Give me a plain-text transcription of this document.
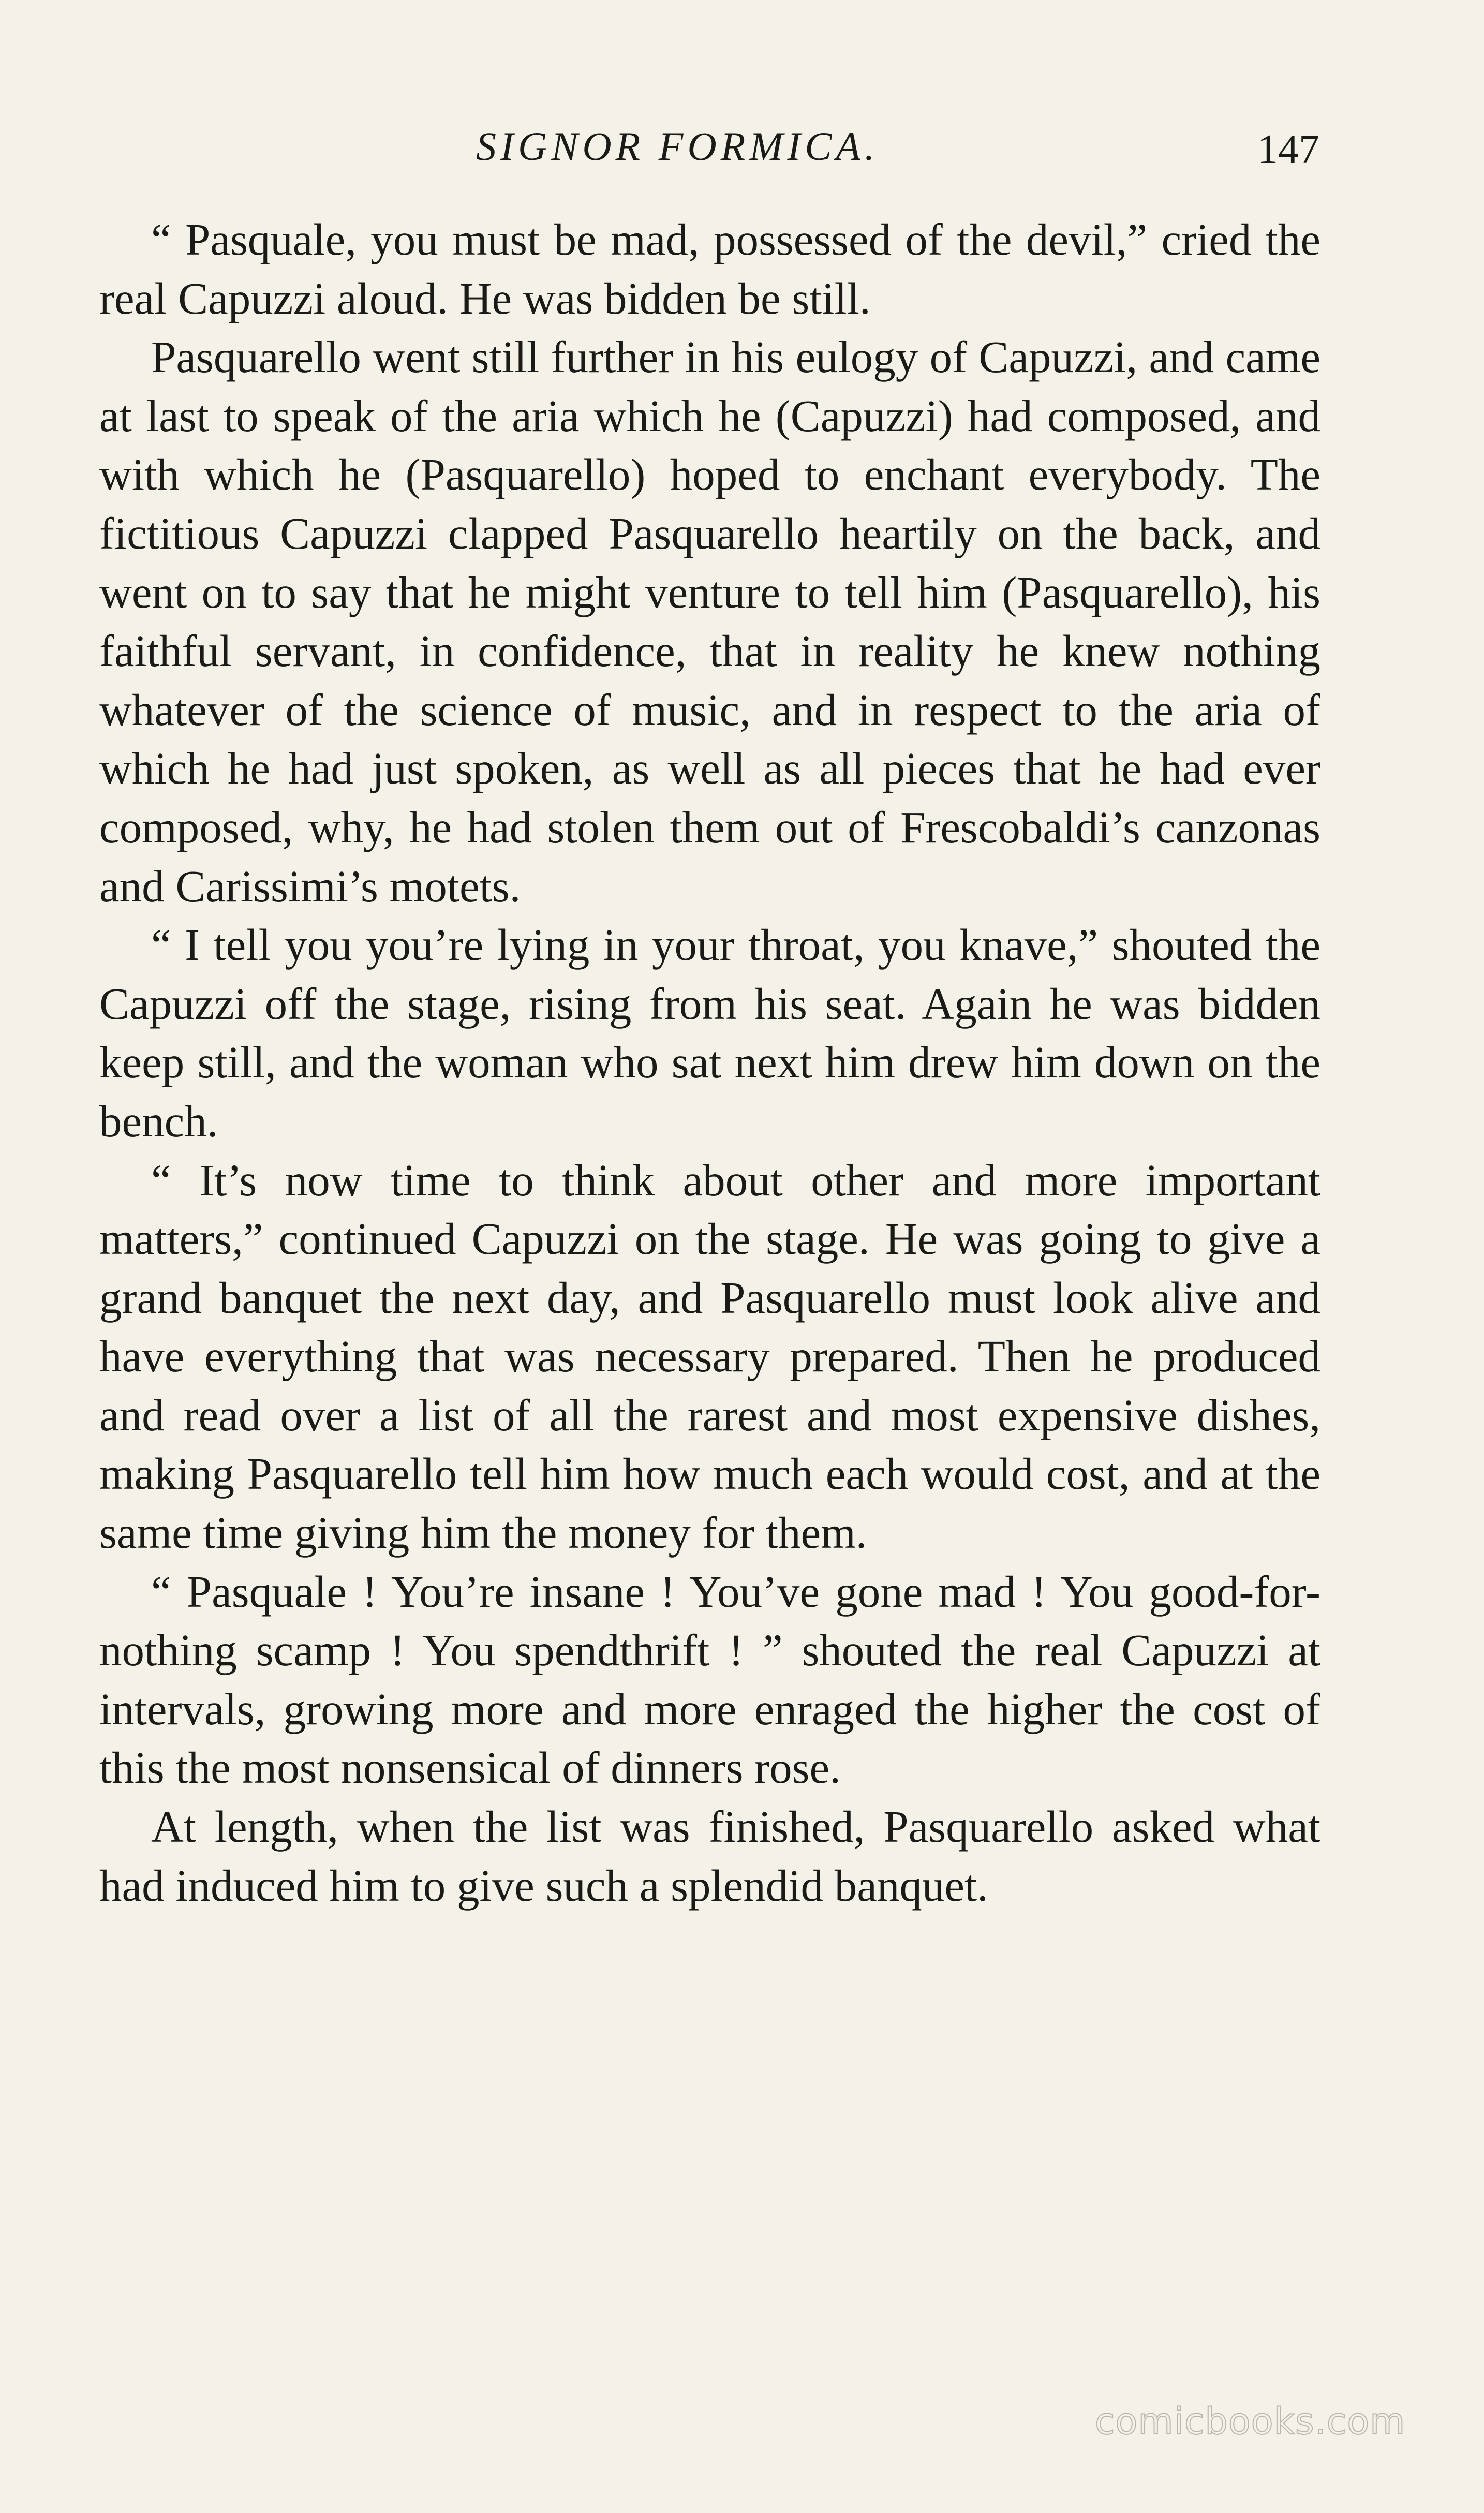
SIGNOR FORMICA.	147

“ Pasquale, you must be mad, possessed of the devil,” cried the real Capuzzi aloud. He was bidden be still.

Pasquarello went still further in his eulogy of Capuzzi, and came at last to speak of the aria which he (Capuzzi) had composed, and with which he (Pasquarello) hoped to enchant everybody. The fictitious Capuzzi clapped Pasquarello heartily on the back, and went on to say that he might venture to tell him (Pasquarello), his faithful servant, in confidence, that in reality he knew nothing whatever of the science of music, and in respect to the aria of which he had just spoken, as well as all pieces that he had ever composed, why, he had stolen them out of Frescobaldi’s canzonas and Carissimi’s motets.

“ I tell you you’re lying in your throat, you knave,” shouted the Capuzzi off the stage, rising from his seat. Again he was bidden keep still, and the woman who sat next him drew him down on the bench.

“ It’s now time to think about other and more important matters,” continued Capuzzi on the stage. He was going to give a grand banquet the next day, and Pasquarello must look alive and have everything that was necessary prepared. Then he produced and read over a list of all the rarest and most expensive dishes, making Pasquarello tell him how much each would cost, and at the same time giving him the money for them.

“ Pasquale ! You’re insane ! You’ve gone mad ! You good-for-nothing scamp ! You spendthrift ! ” shouted the real Capuzzi at intervals, growing more and more enraged the higher the cost of this the most nonsensical of dinners rose.

At length, when the list was finished, Pasquarello asked what had induced him to give such a splendid banquet.

comicbooks.com
